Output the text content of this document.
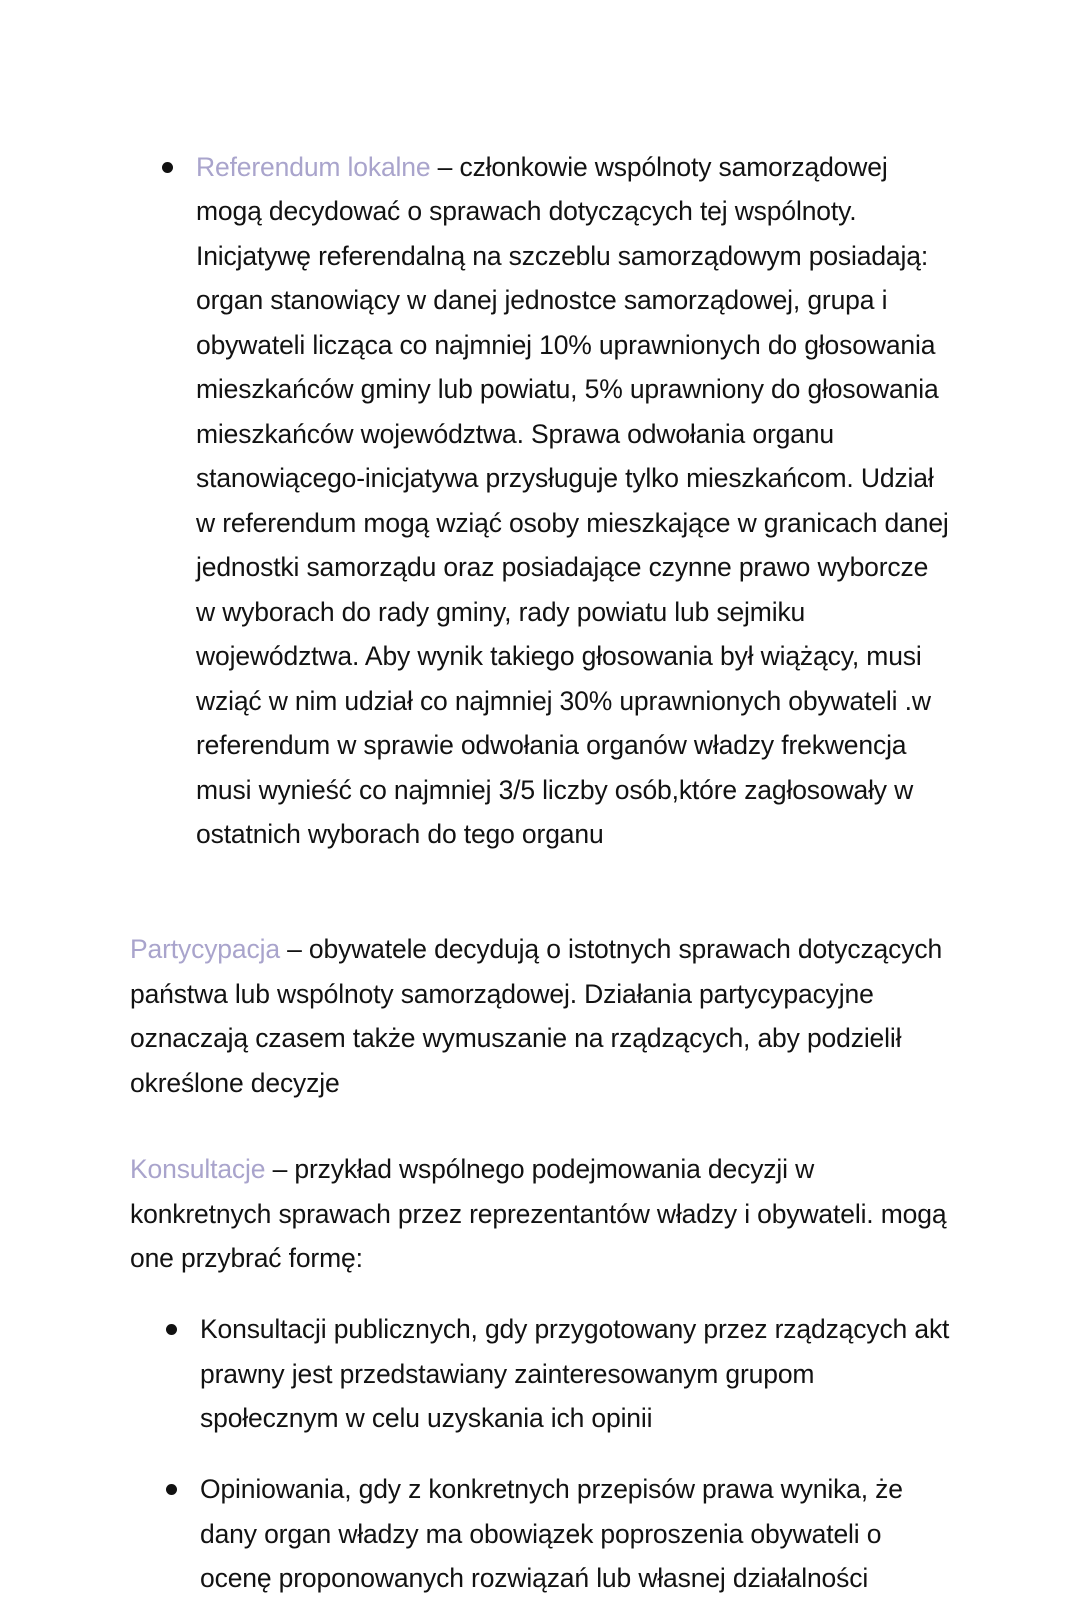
Referendum lokalne – członkowie wspólnoty samorządowej mogą decydować o sprawach dotyczących tej wspólnoty. Inicjatywę referendalną na szczeblu samorządowym posiadają: organ stanowiący w danej jednostce samorządowej, grupa i obywateli licząca co najmniej 10% uprawnionych do głosowania mieszkańców gminy lub powiatu, 5% uprawniony do głosowania mieszkańców województwa. Sprawa odwołania organu stanowiącego-inicjatywa przysługuje tylko mieszkańcom. Udział w referendum mogą wziąć osoby mieszkające w granicach danej jednostki samorządu oraz posiadające czynne prawo wyborcze w wyborach do rady gminy, rady powiatu lub sejmiku województwa. Aby wynik takiego głosowania był wiążący, musi wziąć w nim udział co najmniej 30% uprawnionych obywateli .w referendum w sprawie odwołania organów władzy frekwencja musi wynieść co najmniej 3/5 liczby osób,które zagłosowały w ostatnich wyborach do tego organu

Partycypacja – obywatele decydują o istotnych sprawach dotyczących państwa lub wspólnoty samorządowej. Działania partycypacyjne oznaczają czasem także wymuszanie na rządzących, aby podzielił określone decyzje

Konsultacje – przykład wspólnego podejmowania decyzji w konkretnych sprawach przez reprezentantów władzy i obywateli. mogą one przybrać formę:

Konsultacji publicznych, gdy przygotowany przez rządzących akt prawny jest przedstawiany zainteresowanym grupom społecznym w celu uzyskania ich opinii

Opiniowania, gdy z konkretnych przepisów prawa wynika, że dany organ władzy ma obowiązek poproszenia obywateli o ocenę proponowanych rozwiązań lub własnej działalności
